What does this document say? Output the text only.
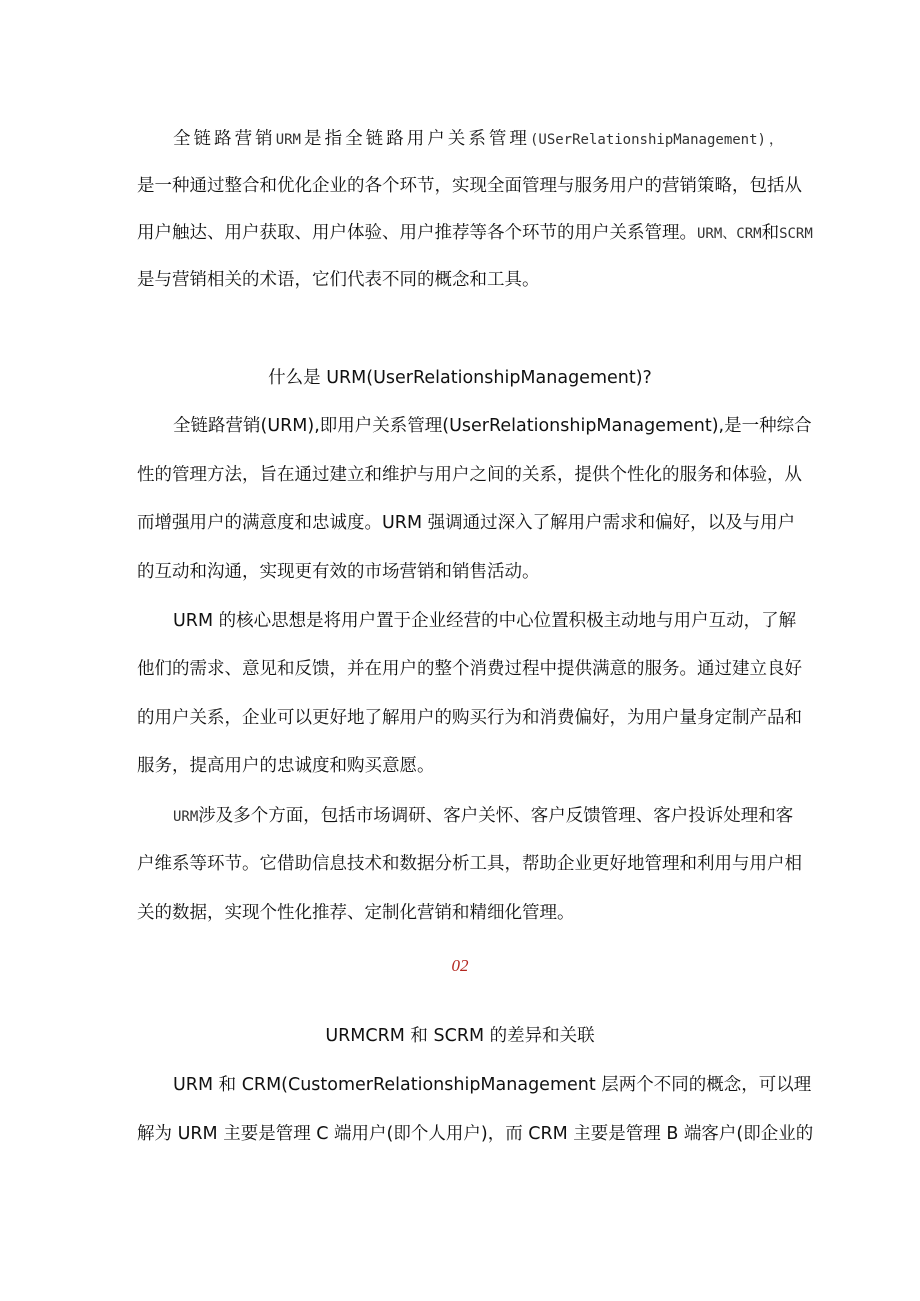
全链路营销URM是指全链路用户关系管理(USerRelationshipManagement)，
是一种通过整合和优化企业的各个环节，实现全面管理与服务用户的营销策略，包括从
用户触达、用户获取、用户体验、用户推荐等各个环节的用户关系管理。URM、CRM和SCRM
是与营销相关的术语，它们代表不同的概念和工具。
什么是 URM(UserRelationshipManagement)?
全链路营销(URM),即用户关系管理(UserRelationshipManagement),是一种综合
性的管理方法，旨在通过建立和维护与用户之间的关系，提供个性化的服务和体验，从
而增强用户的满意度和忠诚度。URM 强调通过深入了解用户需求和偏好，以及与用户
的互动和沟通，实现更有效的市场营销和销售活动。
URM 的核心思想是将用户置于企业经营的中心位置积极主动地与用户互动，了解
他们的需求、意见和反馈，并在用户的整个消费过程中提供满意的服务。通过建立良好
的用户关系，企业可以更好地了解用户的购买行为和消费偏好，为用户量身定制产品和
服务，提高用户的忠诚度和购买意愿。
URM涉及多个方面，包括市场调研、客户关怀、客户反馈管理、客户投诉处理和客
户维系等环节。它借助信息技术和数据分析工具，帮助企业更好地管理和利用与用户相
关的数据，实现个性化推荐、定制化营销和精细化管理。
02
URMCRM 和 SCRM 的差异和关联
URM 和 CRM(CustomerRelationshipManagement 层两个不同的概念，可以理
解为 URM 主要是管理 C 端用户(即个人用户)，而 CRM 主要是管理 B 端客户(即企业的
